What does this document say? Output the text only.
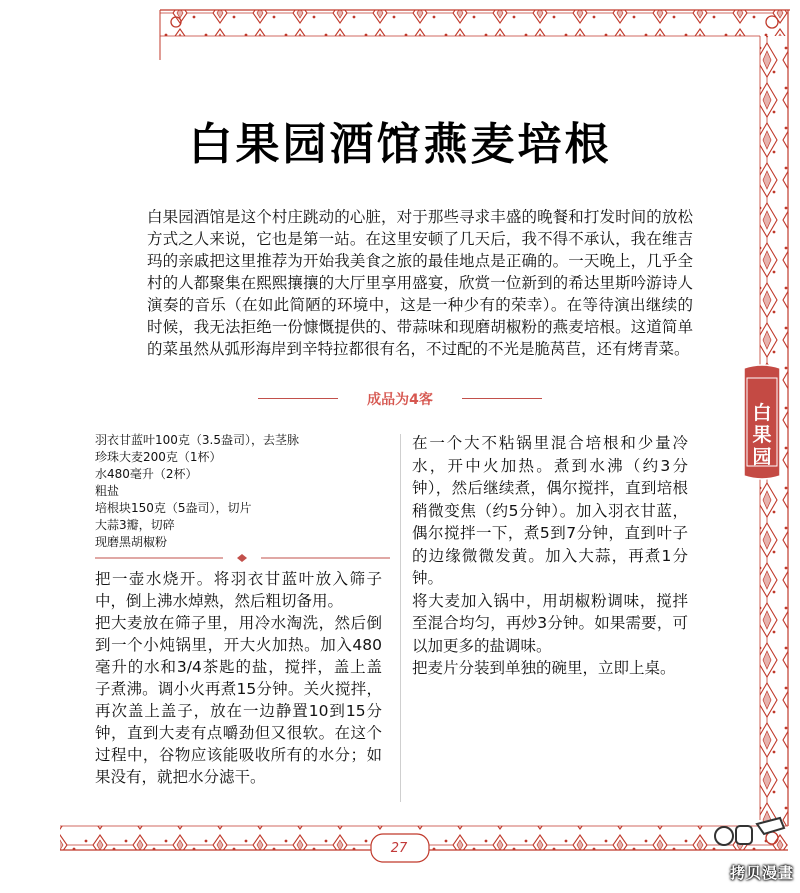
白果园酒馆燕麦培根
白果园酒馆是这个村庄跳动的心脏，对于那些寻求丰盛的晚餐和打发时间的放松方式之人来说，它也是第一站。在这里安顿了几天后，我不得不承认，我在维吉玛的亲戚把这里推荐为开始我美食之旅的最佳地点是正确的。一天晚上，几乎全村的人都聚集在熙熙攘攘的大厅里享用盛宴，欣赏一位新到的希达里斯吟游诗人演奏的音乐（在如此简陋的环境中，这是一种少有的荣幸）。在等待演出继续的时候，我无法拒绝一份慷慨提供的、带蒜味和现磨胡椒粉的燕麦培根。这道简单的菜虽然从弧形海岸到辛特拉都很有名，不过配的不光是脆莴苣，还有烤青菜。
成品为4客
羽衣甘蓝叶100克（3.5盎司），去茎脉
珍珠大麦200克（1杯）
水480毫升（2杯）
粗盐
培根块150克（5盎司），切片
大蒜3瓣，切碎
现磨黑胡椒粉

把一壶水烧开。将羽衣甘蓝叶放入筛子中，倒上沸水焯熟，然后粗切备用。

把大麦放在筛子里，用冷水淘洗，然后倒到一个小炖锅里，开大火加热。加入480毫升的水和3/4茶匙的盐，搅拌，盖上盖子煮沸。调小火再煮15分钟。关火搅拌，再次盖上盖子，放在一边静置10到15分钟，直到大麦有点嚼劲但又很软。在这个过程中，谷物应该能吸收所有的水分；如果没有，就把水分滤干。

在一个大不粘锅里混合培根和少量冷水，开中火加热。煮到水沸（约3分钟），然后继续煮，偶尔搅拌，直到培根稍微变焦（约5分钟）。加入羽衣甘蓝，偶尔搅拌一下，煮5到7分钟，直到叶子的边缘微微发黄。加入大蒜，再煮1分钟。

将大麦加入锅中，用胡椒粉调味，搅拌至混合均匀，再炒3分钟。如果需要，可以加更多的盐调味。

把麦片分装到单独的碗里，立即上桌。

白
果
园
27
拷贝漫畫
